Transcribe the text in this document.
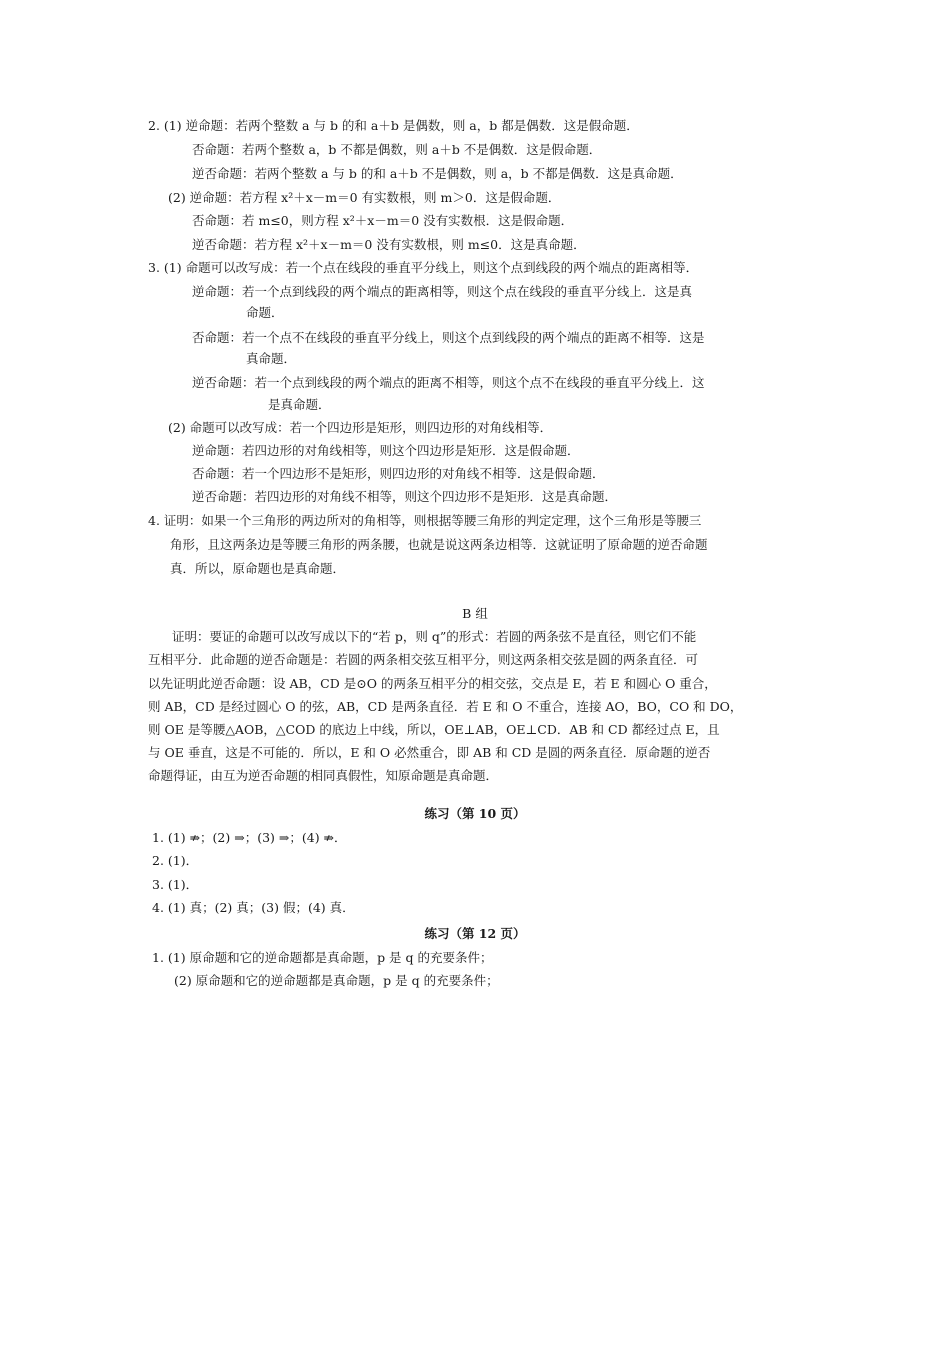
2. (1) 逆命题：若两个整数 a 与 b 的和 a＋b 是偶数，则 a，b 都是偶数．这是假命题．
否命题：若两个整数 a，b 不都是偶数，则 a＋b 不是偶数．这是假命题．
逆否命题：若两个整数 a 与 b 的和 a＋b 不是偶数，则 a，b 不都是偶数．这是真命题．
(2) 逆命题：若方程 x²＋x－m＝0 有实数根，则 m＞0．这是假命题．
否命题：若 m≤0，则方程 x²＋x－m＝0 没有实数根．这是假命题．
逆否命题：若方程 x²＋x－m＝0 没有实数根，则 m≤0．这是真命题．
3. (1) 命题可以改写成：若一个点在线段的垂直平分线上，则这个点到线段的两个端点的距离相等．
逆命题：若一个点到线段的两个端点的距离相等，则这个点在线段的垂直平分线上．这是真
命题．
否命题：若一个点不在线段的垂直平分线上，则这个点到线段的两个端点的距离不相等．这是
真命题．
逆否命题：若一个点到线段的两个端点的距离不相等，则这个点不在线段的垂直平分线上．这
是真命题．
(2) 命题可以改写成：若一个四边形是矩形，则四边形的对角线相等．
逆命题：若四边形的对角线相等，则这个四边形是矩形．这是假命题．
否命题：若一个四边形不是矩形，则四边形的对角线不相等．这是假命题．
逆否命题：若四边形的对角线不相等，则这个四边形不是矩形．这是真命题．
4. 证明：如果一个三角形的两边所对的角相等，则根据等腰三角形的判定定理，这个三角形是等腰三
角形，且这两条边是等腰三角形的两条腰，也就是说这两条边相等．这就证明了原命题的逆否命题
真．所以，原命题也是真命题．
B 组
证明：要证的命题可以改写成以下的“若 p，则 q”的形式：若圆的两条弦不是直径，则它们不能
互相平分．此命题的逆否命题是：若圆的两条相交弦互相平分，则这两条相交弦是圆的两条直径．可
以先证明此逆否命题：设 AB，CD 是⊙O 的两条互相平分的相交弦，交点是 E，若 E 和圆心 O 重合，
则 AB，CD 是经过圆心 O 的弦，AB，CD 是两条直径．若 E 和 O 不重合，连接 AO，BO，CO 和 DO，
则 OE 是等腰△AOB，△COD 的底边上中线，所以，OE⊥AB，OE⊥CD．AB 和 CD 都经过点 E，且
与 OE 垂直，这是不可能的．所以，E 和 O 必然重合，即 AB 和 CD 是圆的两条直径．原命题的逆否
命题得证，由互为逆否命题的相同真假性，知原命题是真命题．
练习（第 10 页）
1. (1) ⇏；(2) ⇒；(3) ⇒；(4) ⇏．
2. (1)．
3. (1)．
4. (1) 真；(2) 真；(3) 假；(4) 真．
练习（第 12 页）
1. (1) 原命题和它的逆命题都是真命题，p 是 q 的充要条件；
(2) 原命题和它的逆命题都是真命题，p 是 q 的充要条件；
